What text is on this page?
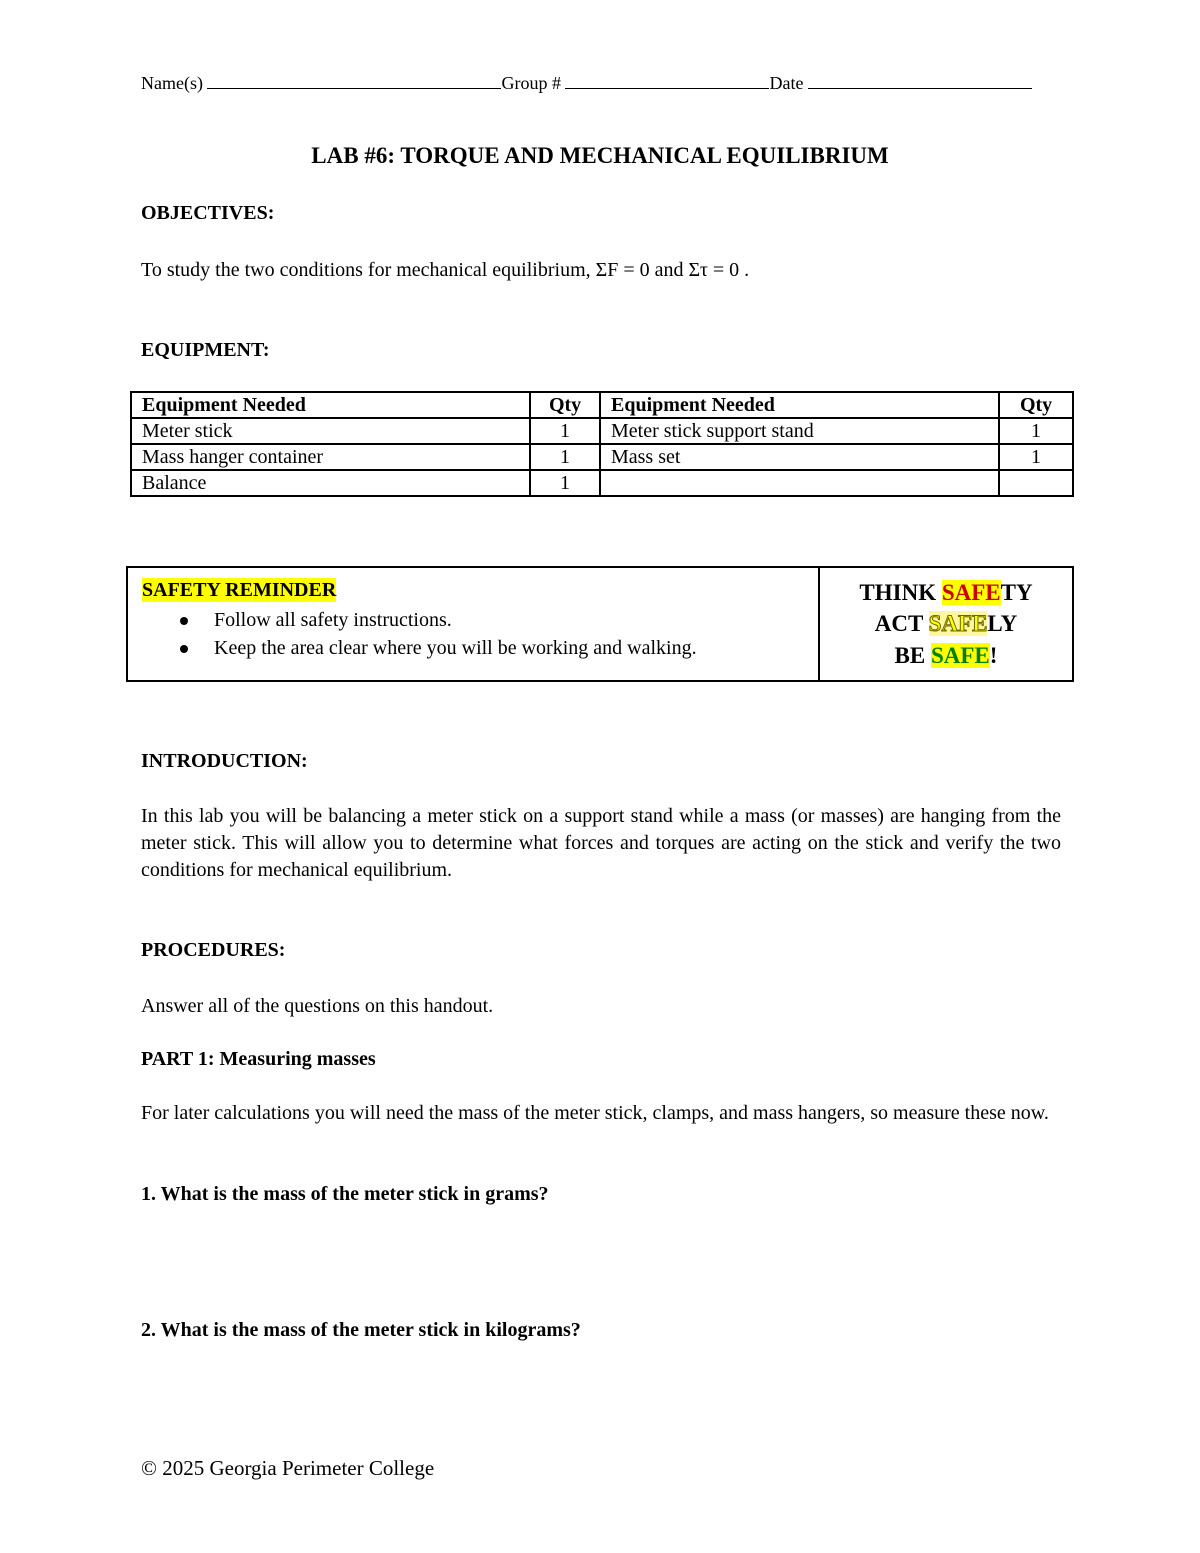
Name(s)	Group #	Date
LAB #6: TORQUE AND MECHANICAL EQUILIBRIUM
OBJECTIVES:
To study the two conditions for mechanical equilibrium, ΣF = 0 and Στ = 0 .
EQUIPMENT:
Equipment Needed	Qty	Equipment Needed	Qty
Meter stick	1	Meter stick support stand	1
Mass hanger container	1	Mass set	1
Balance	1		
SAFETY REMINDER
Follow all safety instructions.
Keep the area clear where you will be working and walking.
THINK SAFETY
ACT SAFELY
BE SAFE!
INTRODUCTION:
In this lab you will be balancing a meter stick on a support stand while a mass (or masses) are hanging from the meter stick. This will allow you to determine what forces and torques are acting on the stick and verify the two conditions for mechanical equilibrium.
PROCEDURES:
Answer all of the questions on this handout.
PART 1: Measuring masses
For later calculations you will need the mass of the meter stick, clamps, and mass hangers, so measure these now.
1. What is the mass of the meter stick in grams?
2. What is the mass of the meter stick in kilograms?
© 2025 Georgia Perimeter College
